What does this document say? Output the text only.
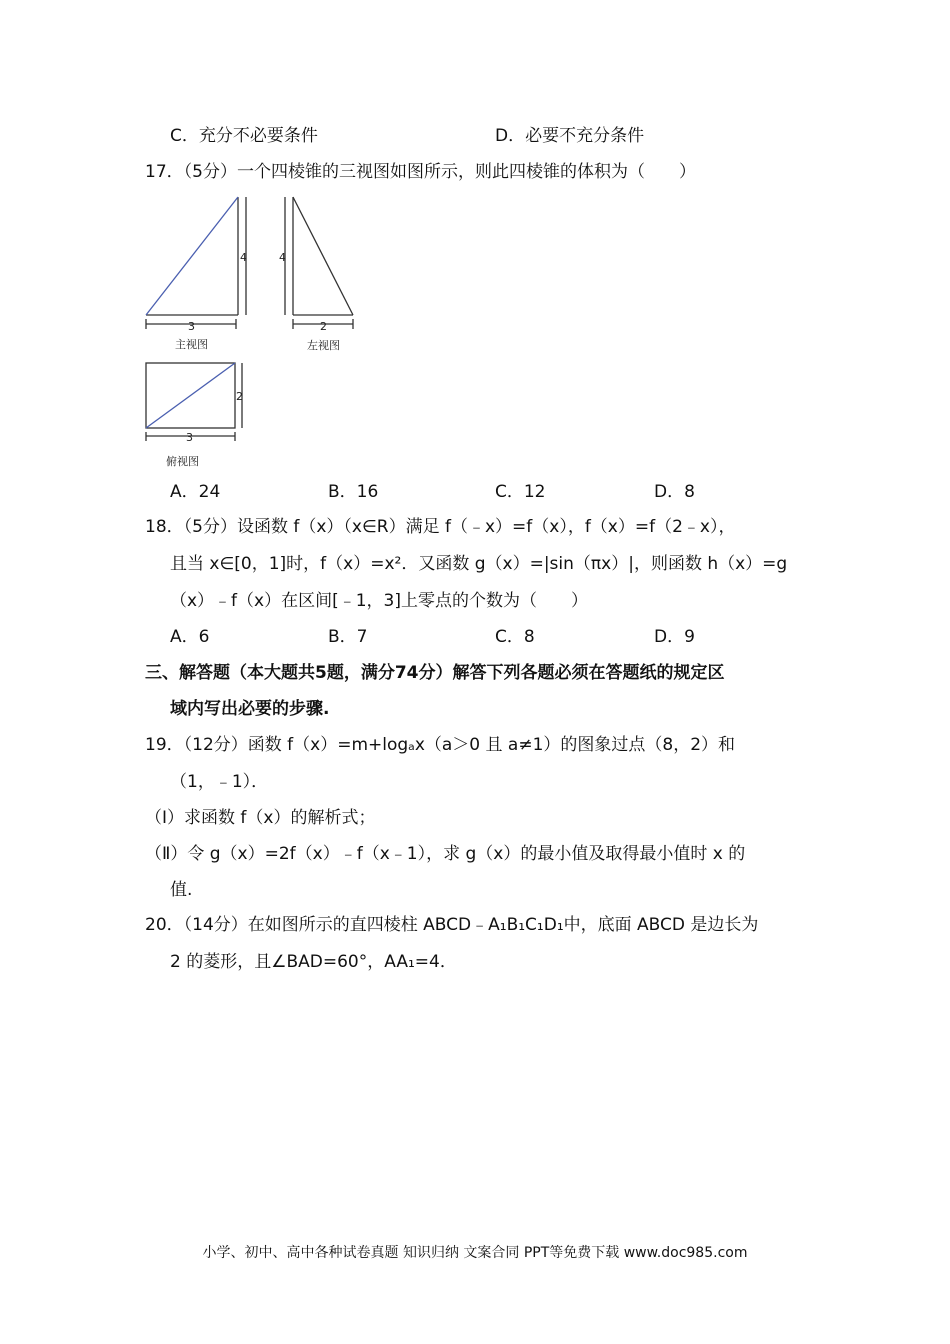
C．充分不必要条件	D．必要不充分条件
17．（5分）一个四棱锥的三视图如图所示，则此四棱锥的体积为（　　）
4
3
主视图
4
2
左视图
2
3
俯视图
A．24	B．16	C．12	D．8
18．（5分）设函数 f（x）（x∈R）满足 f（﹣x）=f（x），f（x）=f（2﹣x），
且当 x∈[0，1]时，f（x）=x²．又函数 g（x）=|sin（πx）|，则函数 h（x）=g
（x）﹣f（x）在区间[﹣1，3]上零点的个数为（　　）
A．6	B．7	C．8	D．9
三、解答题（本大题共5题，满分74分）解答下列各题必须在答题纸的规定区
域内写出必要的步骤.
19．（12分）函数 f（x）=m+logₐx（a＞0 且 a≠1）的图象过点（8，2）和
（1，﹣1）．
（Ⅰ）求函数 f（x）的解析式；
（Ⅱ）令 g（x）=2f（x）﹣f（x﹣1），求 g（x）的最小值及取得最小值时 x 的
值.
20．（14分）在如图所示的直四棱柱 ABCD﹣A₁B₁C₁D₁中，底面 ABCD 是边长为
2 的菱形，且∠BAD=60°，AA₁=4．
小学、初中、高中各种试卷真题 知识归纳 文案合同 PPT等免费下载 www.doc985.com
